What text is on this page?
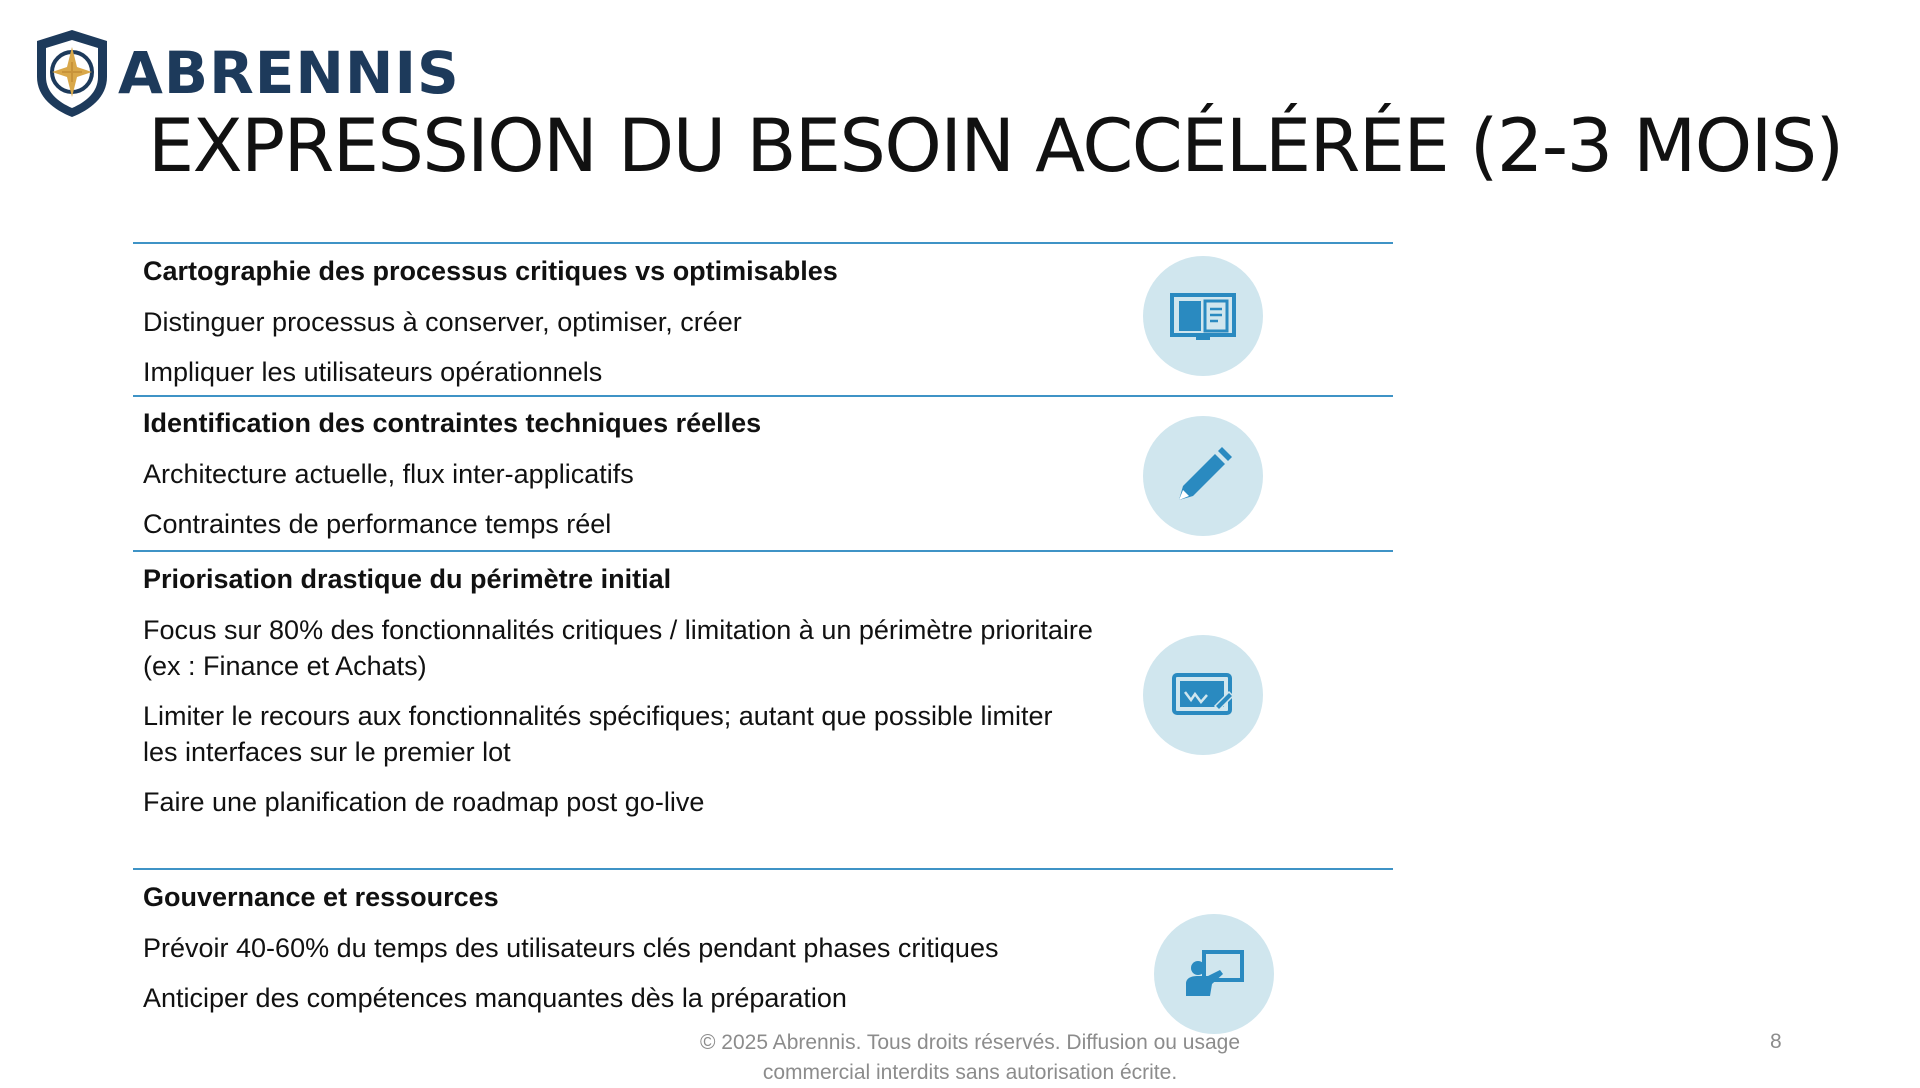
ABRENNIS
EXPRESSION DU BESOIN ACCÉLÉRÉE (2-3 MOIS)
Cartographie des processus critiques vs optimisables
Distinguer processus à conserver, optimiser, créer
Impliquer les utilisateurs opérationnels
Identification des contraintes techniques réelles
Architecture actuelle, flux inter-applicatifs
Contraintes de performance temps réel
Priorisation drastique du périmètre initial
Focus sur 80% des fonctionnalités critiques / limitation à un périmètre prioritaire (ex : Finance et Achats)
Limiter le recours aux fonctionnalités spécifiques; autant que possible limiter les interfaces sur le premier lot
Faire une planification de roadmap post go-live
Gouvernance et ressources
Prévoir 40-60% du temps des utilisateurs clés pendant phases critiques
Anticiper des compétences manquantes dès la préparation
© 2025 Abrennis. Tous droits réservés. Diffusion ou usage
commercial interdits sans autorisation écrite.
8
